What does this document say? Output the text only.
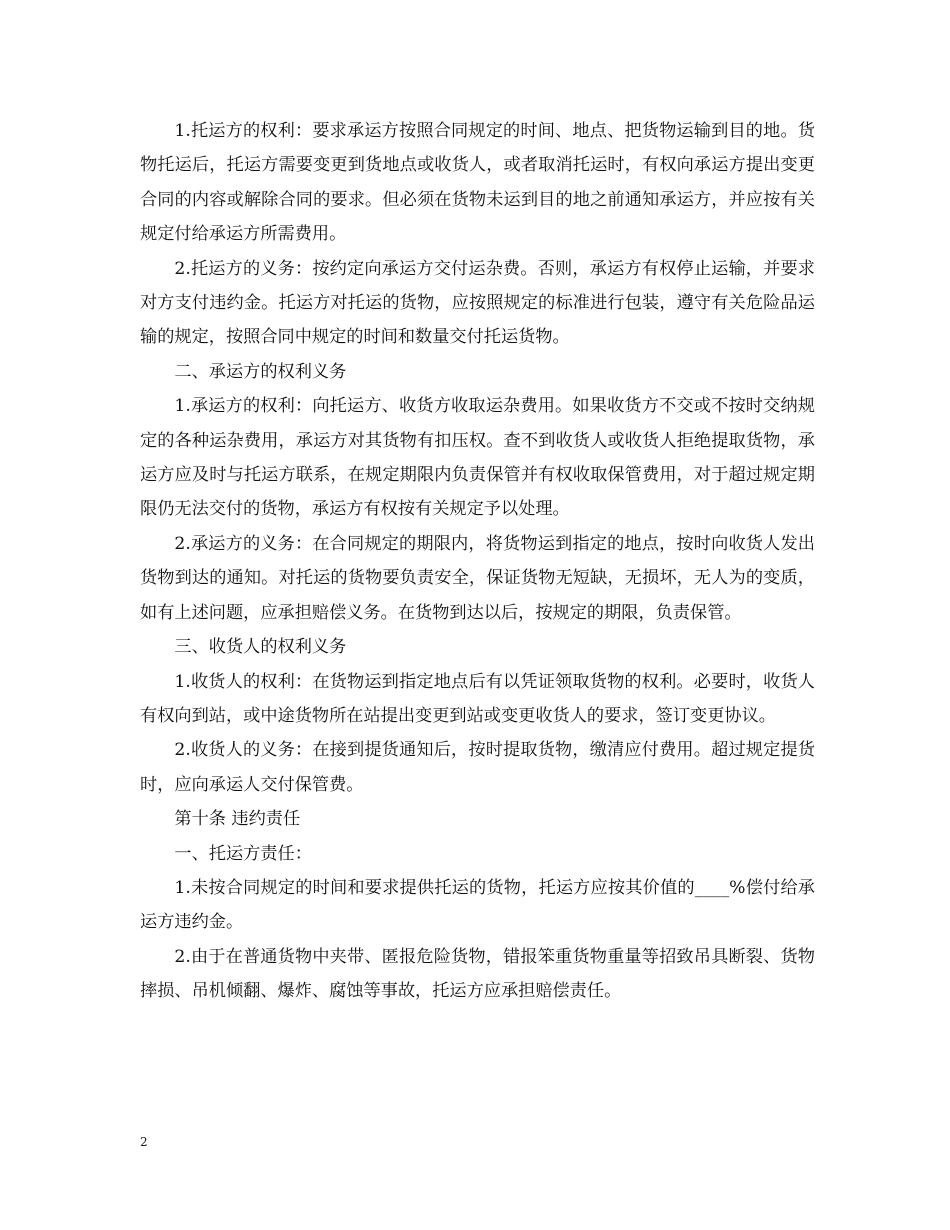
1.托运方的权利：要求承运方按照合同规定的时间、地点、把货物运输到目的地。货物托运后，托运方需要变更到货地点或收货人，或者取消托运时，有权向承运方提出变更合同的内容或解除合同的要求。但必须在货物未运到目的地之前通知承运方，并应按有关规定付给承运方所需费用。

2.托运方的义务：按约定向承运方交付运杂费。否则，承运方有权停止运输，并要求对方支付违约金。托运方对托运的货物，应按照规定的标准进行包装，遵守有关危险品运输的规定，按照合同中规定的时间和数量交付托运货物。

二、承运方的权利义务

1.承运方的权利：向托运方、收货方收取运杂费用。如果收货方不交或不按时交纳规定的各种运杂费用，承运方对其货物有扣压权。查不到收货人或收货人拒绝提取货物，承运方应及时与托运方联系，在规定期限内负责保管并有权收取保管费用，对于超过规定期限仍无法交付的货物，承运方有权按有关规定予以处理。

2.承运方的义务：在合同规定的期限内，将货物运到指定的地点，按时向收货人发出货物到达的通知。对托运的货物要负责安全，保证货物无短缺，无损坏，无人为的变质，如有上述问题，应承担赔偿义务。在货物到达以后，按规定的期限，负责保管。

三、收货人的权利义务

1.收货人的权利：在货物运到指定地点后有以凭证领取货物的权利。必要时，收货人有权向到站，或中途货物所在站提出变更到站或变更收货人的要求，签订变更协议。

2.收货人的义务：在接到提货通知后，按时提取货物，缴清应付费用。超过规定提货时，应向承运人交付保管费。

第十条 违约责任

一、托运方责任：

1.未按合同规定的时间和要求提供托运的货物，托运方应按其价值的____%偿付给承运方违约金。

2.由于在普通货物中夹带、匿报危险货物，错报笨重货物重量等招致吊具断裂、货物摔损、吊机倾翻、爆炸、腐蚀等事故，托运方应承担赔偿责任。

2
